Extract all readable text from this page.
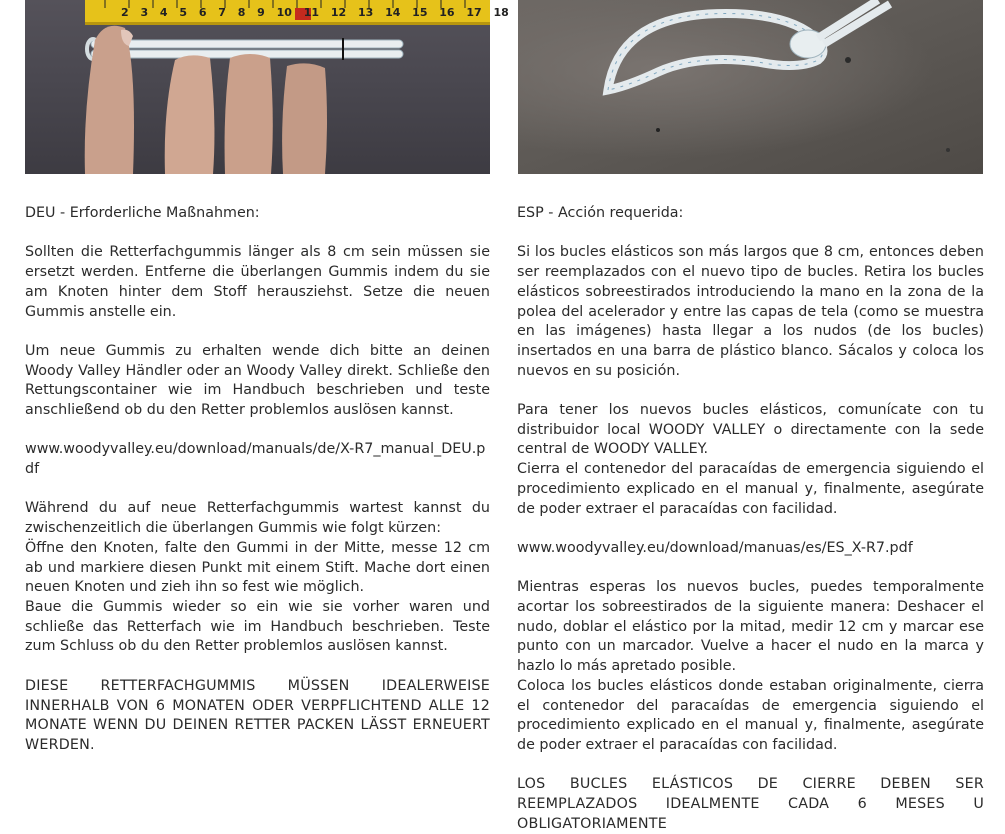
2 3 4 5 6 7 8 9 10 11 12 13 14 15 16 17 18

DEU - Erforderliche Maßnahmen:

Sollten die Retterfachgummis länger als 8 cm sein müssen sie ersetzt werden. Entferne die überlangen Gummis indem du sie am Knoten hinter dem Stoff herausziehst. Setze die neuen Gummis anstelle ein.

Um neue Gummis zu erhalten wende dich bitte an deinen Woody Valley Händler oder an Woody Valley direkt. Schließe den Rettungscontainer wie im Handbuch beschrieben und teste anschließend ob du den Retter problemlos auslösen kannst.

www.woodyvalley.eu/download/manuals/de/X-R7_manual_DEU.pdf

Während du auf neue Retterfachgummis wartest kannst du zwischenzeitlich die überlangen Gummis wie folgt kürzen:

Öffne den Knoten, falte den Gummi in der Mitte, messe 12 cm ab und markiere diesen Punkt mit einem Stift. Mache dort einen neuen Knoten und zieh ihn so fest wie möglich.

Baue die Gummis wieder so ein wie sie vorher waren und schließe das Retterfach wie im Handbuch beschrieben. Teste zum Schluss ob du den Retter problemlos auslösen kannst.

DIESE RETTERFACHGUMMIS MÜSSEN IDEALERWEISE INNERHALB VON 6 MONATEN ODER VERPFLICHTEND ALLE 12 MONATE WENN DU DEINEN RETTER PACKEN LÄSST ERNEUERT WERDEN.

ESP - Acción requerida:

Si los bucles elásticos son más largos que 8 cm, entonces deben ser reemplazados con el nuevo tipo de bucles. Retira los bucles elásticos sobreestirados introduciendo la mano en la zona de la polea del acelerador y entre las capas de tela (como se muestra en las imágenes) hasta llegar a los nudos (de los bucles) insertados en una barra de plástico blanco. Sácalos y coloca los nuevos en su posición.

Para tener los nuevos bucles elásticos, comunícate con tu distribuidor local WOODY VALLEY o directamente con la sede central de WOODY VALLEY.

Cierra el contenedor del paracaídas de emergencia siguiendo el procedimiento explicado en el manual y, finalmente, asegúrate de poder extraer el paracaídas con facilidad.

www.woodyvalley.eu/download/manuas/es/ES_X-R7.pdf

Mientras esperas los nuevos bucles, puedes temporalmente acortar los sobreestirados de la siguiente manera: Deshacer el nudo, doblar el elástico por la mitad, medir 12 cm y marcar ese punto con un marcador. Vuelve a hacer el nudo en la marca y hazlo lo más apretado posible.

Coloca los bucles elásticos donde estaban originalmente, cierra el contenedor del paracaídas de emergencia siguiendo el procedimiento explicado en el manual y, finalmente, asegúrate de poder extraer el paracaídas con facilidad.

LOS BUCLES ELÁSTICOS DE CIERRE DEBEN SER REEMPLAZADOS IDEALMENTE CADA 6 MESES U OBLIGATORIAMENTE
